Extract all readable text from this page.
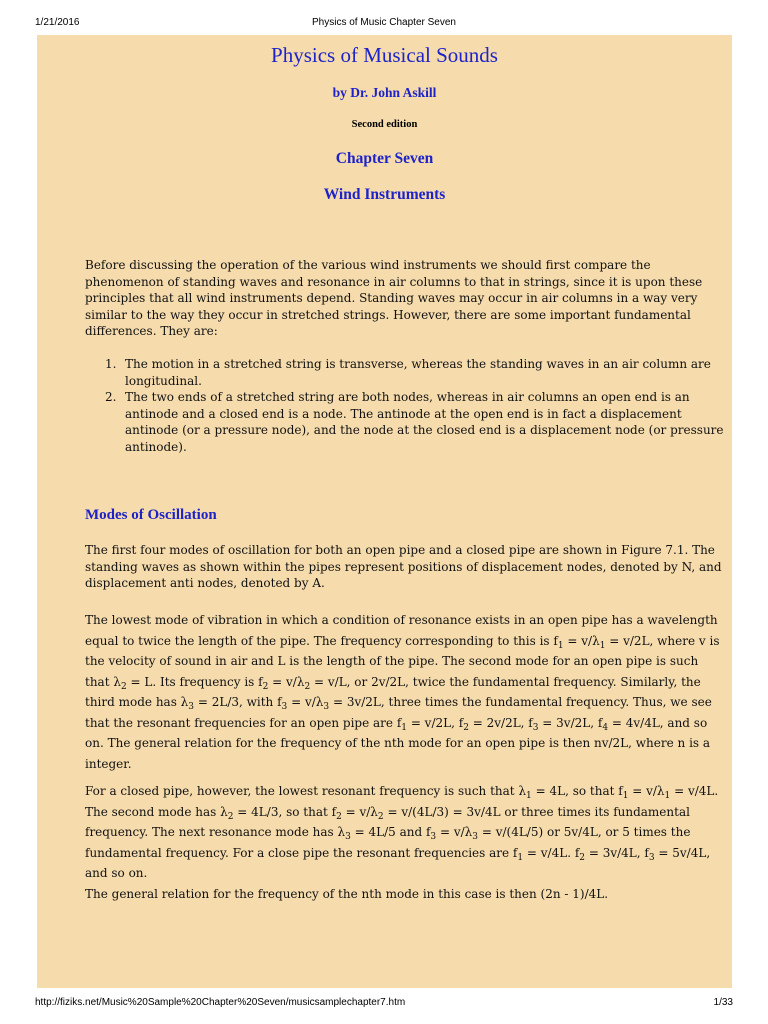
1/21/2016	Physics of Music Chapter Seven
Physics of Musical Sounds
by Dr. John Askill
Second edition
Chapter Seven
Wind Instruments

Before discussing the operation of the various wind instruments we should first compare the phenomenon of standing waves and resonance in air columns to that in strings, since it is upon these principles that all wind instruments depend. Standing waves may occur in air columns in a way very similar to the way they occur in stretched strings. However, there are some important fundamental differences. They are:

1. The motion in a stretched string is transverse, whereas the standing waves in an air column are longitudinal.
2. The two ends of a stretched string are both nodes, whereas in air columns an open end is an antinode and a closed end is a node. The antinode at the open end is in fact a displacement antinode (or a pressure node), and the node at the closed end is a displacement node (or pressure antinode).
Modes of Oscillation

The first four modes of oscillation for both an open pipe and a closed pipe are shown in Figure 7.1. The standing waves as shown within the pipes represent positions of displacement nodes, denoted by N, and displacement anti nodes, denoted by A.

The lowest mode of vibration in which a condition of resonance exists in an open pipe has a wavelength equal to twice the length of the pipe. The frequency corresponding to this is $f_1 = v/\lambda_1 = v/2L$, where v is the velocity of sound in air and L is the length of the pipe. The second mode for an open pipe is such that $\lambda_2 = L$. Its frequency is $f_2 = v/\lambda_2 = v/L$, or 2v/2L, twice the fundamental frequency. Similarly, the third mode has $\lambda_3 = 2L/3$, with $f_3 = v/\lambda_3 = 3v/2L$, three times the fundamental frequency. Thus, we see that the resonant frequencies for an open pipe are $f_1 = v/2L$, $f_2 = 2v/2L$, $f_3 = 3v/2L$, $f_4 = 4v/4L$, and so on. The general relation for the frequency of the nth mode for an open pipe is then nv/2L, where n is a integer.

For a closed pipe, however, the lowest resonant frequency is such that $\lambda_1 = 4L$, so that $f_1 = v/\lambda_1 = v/4L$. The second mode has $\lambda_2 = 4L/3$, so that $f_2 = v/\lambda_2 = v/(4L/3) = 3v/4L$ or three times its fundamental frequency. The next resonance mode has $\lambda_3 = 4L/5$ and $f_3 = v/\lambda_3 = v/(4L/5)$ or 5v/4L, or 5 times the fundamental frequency. For a close pipe the resonant frequencies are $f_1 = v/4L$. $f_2 = 3v/4L$, $f_3 = 5v/4L$, and so on.

The general relation for the frequency of the nth mode in this case is then (2n - 1)/4L.

http://fiziks.net/Music%20Sample%20Chapter%20Seven/musicsamplechapter7.htm	1/33
